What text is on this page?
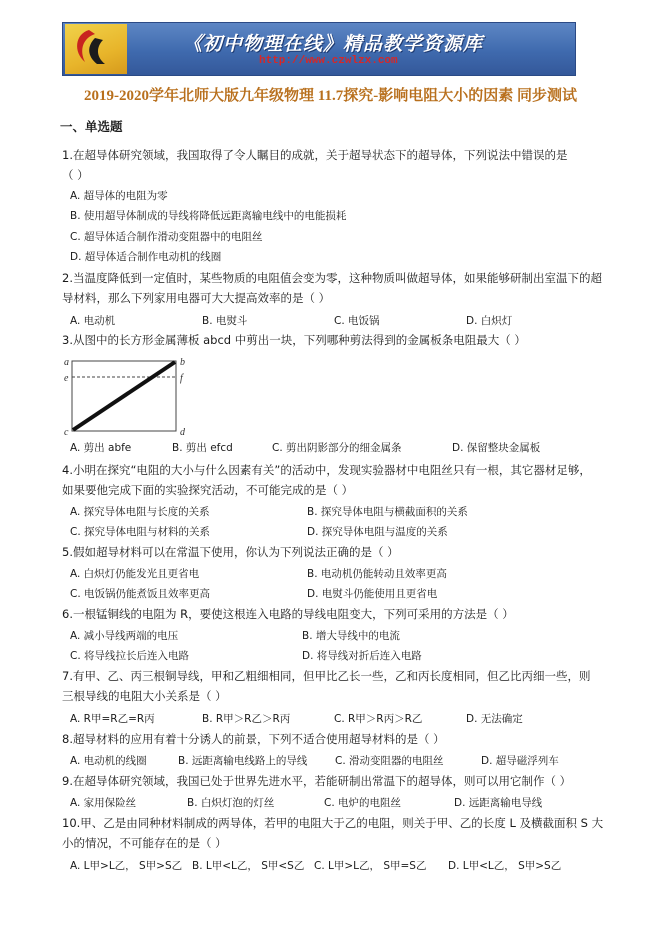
《初中物理在线》精品教学资源库
http://www.czwlzx.com
2019-2020学年北师大版九年级物理 11.7探究-影响电阻大小的因素 同步测试
一、单选题
1.在超导体研究领域，我国取得了令人瞩目的成就，关于超导状态下的超导体，下列说法中错误的是
（ ）
A. 超导体的电阻为零
B. 使用超导体制成的导线将降低远距离输电线中的电能损耗
C. 超导体适合制作滑动变阻器中的电阻丝
D. 超导体适合制作电动机的线圈
2.当温度降低到一定值时，某些物质的电阻值会变为零，这种物质叫做超导体，如果能够研制出室温下的超
导材料，那么下列家用电器可大大提高效率的是（ ）
A. 电动机	B. 电熨斗	C. 电饭锅	D. 白炽灯
3.从图中的长方形金属薄板 abcd 中剪出一块，下列哪种剪法得到的金属板条电阻最大（ ）
a	b
e	f
c	d
A. 剪出 abfe	B. 剪出 efcd	C. 剪出阴影部分的细金属条	D. 保留整块金属板
4.小明在探究“电阻的大小与什么因素有关”的活动中，发现实验器材中电阻丝只有一根，其它器材足够，
如果要他完成下面的实验探究活动，不可能完成的是（ ）
A. 探究导体电阻与长度的关系	B. 探究导体电阻与横截面积的关系
C. 探究导体电阻与材料的关系	D. 探究导体电阻与温度的关系
5.假如超导材料可以在常温下使用，你认为下列说法正确的是（ ）
A. 白炽灯仍能发光且更省电	B. 电动机仍能转动且效率更高
C. 电饭锅仍能煮饭且效率更高	D. 电熨斗仍能使用且更省电
6.一根锰铜线的电阻为 R，要使这根连入电路的导线电阻变大，下列可采用的方法是（ ）
A. 减小导线两端的电压	B. 增大导线中的电流
C. 将导线拉长后连入电路	D. 将导线对折后连入电路
7.有甲、乙、丙三根铜导线，甲和乙粗细相同，但甲比乙长一些，乙和丙长度相同，但乙比丙细一些，则
三根导线的电阻大小关系是（ ）
A. R甲=R乙=R丙	B. R甲＞R乙＞R丙	C. R甲＞R丙＞R乙	D. 无法确定
8.超导材料的应用有着十分诱人的前景，下列不适合使用超导材料的是（ ）
A. 电动机的线圈	B. 远距离输电线路上的导线	C. 滑动变阻器的电阻丝	D. 超导磁浮列车
9.在超导体研究领域，我国已处于世界先进水平，若能研制出常温下的超导体，则可以用它制作（ ）
A. 家用保险丝	B. 白炽灯泡的灯丝	C. 电炉的电阻丝	D. 远距离输电导线
10.甲、乙是由同种材料制成的两导体，若甲的电阻大于乙的电阻，则关于甲、乙的长度 L 及横截面积 S 大
小的情况，不可能存在的是（ ）
A. L甲>L乙， S甲>S乙 B. L甲<L乙， S甲<S乙 C. L甲>L乙， S甲=S乙 D. L甲<L乙， S甲>S乙
